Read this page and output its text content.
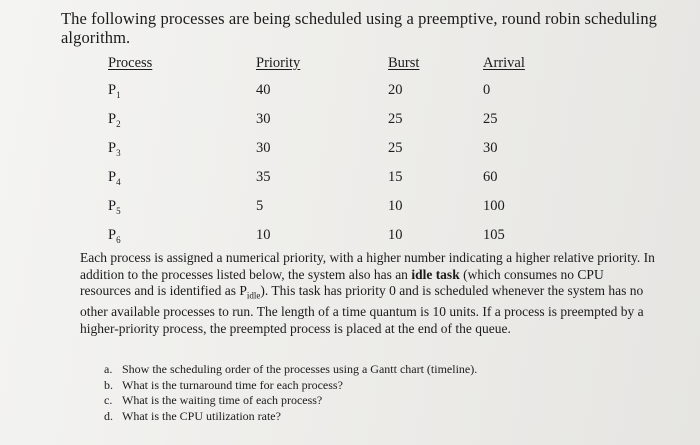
The following processes are being scheduled using a preemptive, round robin scheduling algorithm.
Process	Priority	Burst	Arrival
$P_1$	40	20	0
$P_2$	30	25	25
$P_3$	30	25	30
$P_4$	35	15	60
$P_5$	5	10	100
$P_6$	10	10	105
Each process is assigned a numerical priority, with a higher number indicating a higher relative priority. In addition to the processes listed below, the system also has an idle task (which consumes no CPU resources and is identified as $P_{idle}$). This task has priority 0 and is scheduled whenever the system has no other available processes to run. The length of a time quantum is 10 units. If a process is preempted by a higher-priority process, the preempted process is placed at the end of the queue.
a. Show the scheduling order of the processes using a Gantt chart (timeline).
b. What is the turnaround time for each process?
c. What is the waiting time of each process?
d. What is the CPU utilization rate?
